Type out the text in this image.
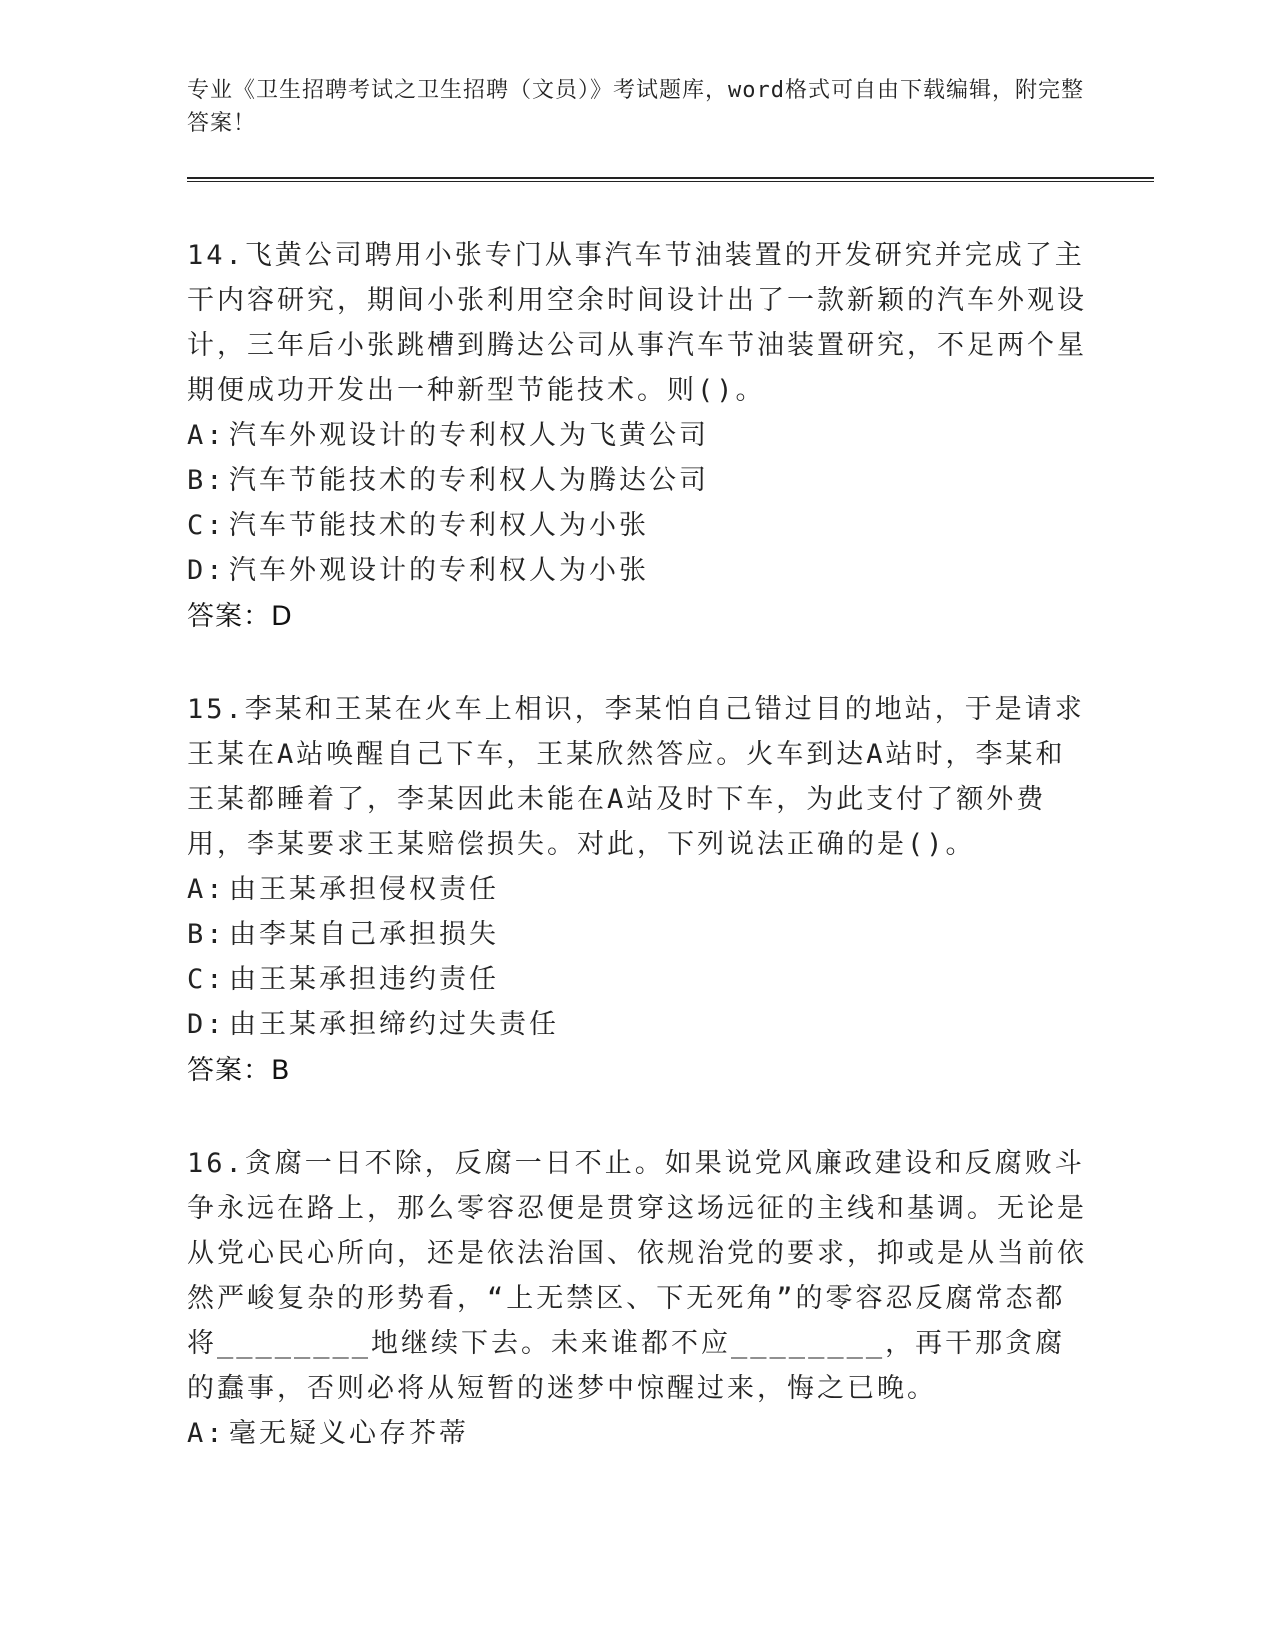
专业《卫生招聘考试之卫生招聘（文员）》考试题库，word格式可自由下载编辑，附完整答案！

14.飞黄公司聘用小张专门从事汽车节油装置的开发研究并完成了主干内容研究，期间小张利用空余时间设计出了一款新颖的汽车外观设计，三年后小张跳槽到腾达公司从事汽车节油装置研究，不足两个星期便成功开发出一种新型节能技术。则()。

A: 汽车外观设计的专利权人为飞黄公司
B: 汽车节能技术的专利权人为腾达公司
C: 汽车节能技术的专利权人为小张
D: 汽车外观设计的专利权人为小张
答案：D

15.李某和王某在火车上相识，李某怕自己错过目的地站，于是请求王某在A站唤醒自己下车，王某欣然答应。火车到达A站时，李某和王某都睡着了，李某因此未能在A站及时下车，为此支付了额外费用，李某要求王某赔偿损失。对此，下列说法正确的是()。

A: 由王某承担侵权责任
B: 由李某自己承担损失
C: 由王某承担违约责任
D: 由王某承担缔约过失责任
答案：B

16.贪腐一日不除，反腐一日不止。如果说党风廉政建设和反腐败斗争永远在路上，那么零容忍便是贯穿这场远征的主线和基调。无论是从党心民心所向，还是依法治国、依规治党的要求，抑或是从当前依然严峻复杂的形势看，“上无禁区、下无死角”的零容忍反腐常态都将________地继续下去。未来谁都不应________，再干那贪腐的蠢事，否则必将从短暂的迷梦中惊醒过来，悔之已晚。

A: 毫无疑义心存芥蒂
